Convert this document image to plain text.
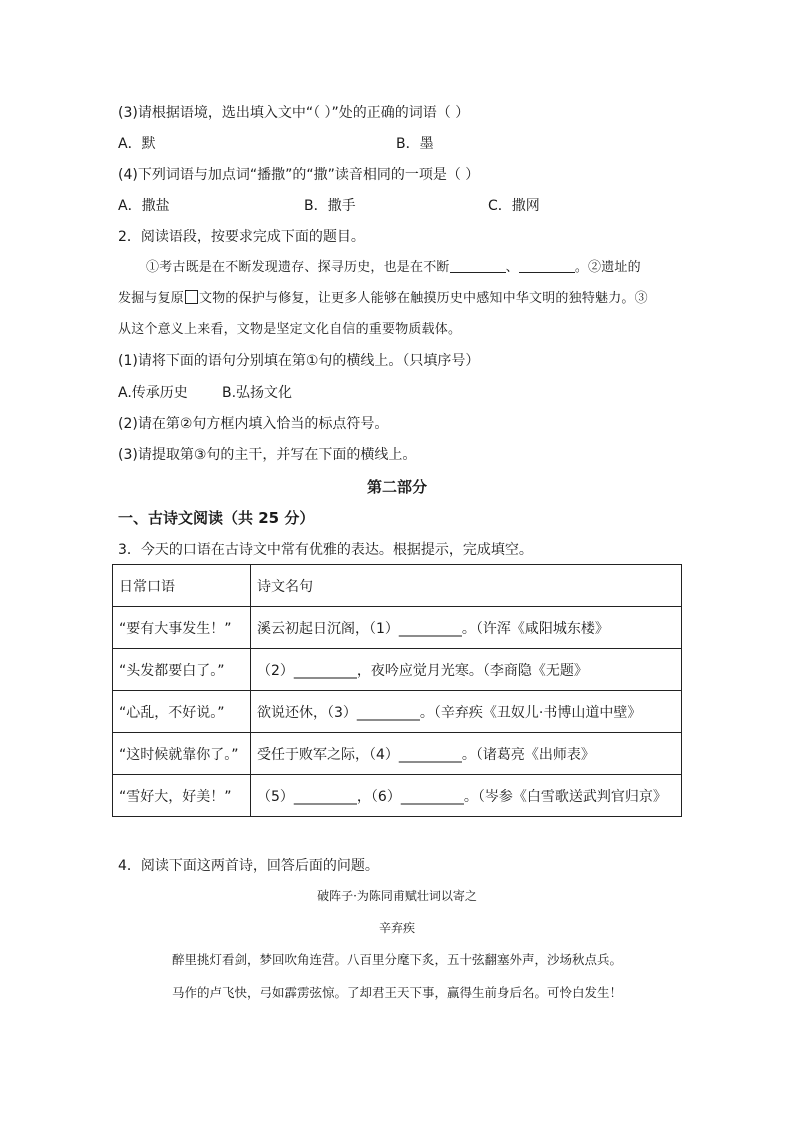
(3)请根据语境，选出填入文中“（ ）”处的正确的词语（ ）
A．默	B．墨
(4)下列词语与加点词“播撒”的“撒”读音相同的一项是（ ）
A．撒盐	B．撒手	C．撒网
2．阅读语段，按要求完成下面的题目。
①考古既是在不断发现遗存、探寻历史，也是在不断	、	。②遗址的
发掘与复原 文物的保护与修复，让更多人能够在触摸历史中感知中华文明的独特魅力。③
从这个意义上来看，文物是坚定文化自信的重要物质载体。
(1)请将下面的语句分别填在第①句的横线上。（只填序号）
A.传承历史 B.弘扬文化
(2)请在第②句方框内填入恰当的标点符号。
(3)请提取第③句的主干，并写在下面的横线上。
第二部分
一、古诗文阅读（共 25 分）
3．今天的口语在古诗文中常有优雅的表达。根据提示，完成填空。
日常口语	诗文名句
“要有大事发生！”	溪云初起日沉阁，（1）_________。（许浑《咸阳城东楼》
“头发都要白了。”	（2）_________，夜吟应觉月光寒。（李商隐《无题》
“心乱，不好说。”	欲说还休，（3）_________。（辛弃疾《丑奴儿·书博山道中壁》
“这时候就靠你了。”	受任于败军之际，（4）_________。（诸葛亮《出师表》
“雪好大，好美！”	（5）_________，（6）_________。（岑参《白雪歌送武判官归京》
4．阅读下面这两首诗，回答后面的问题。
破阵子·为陈同甫赋壮词以寄之
辛弃疾
醉里挑灯看剑，梦回吹角连营。八百里分麾下炙，五十弦翻塞外声，沙场秋点兵。
马作的卢飞快，弓如霹雳弦惊。了却君王天下事，赢得生前身后名。可怜白发生！
